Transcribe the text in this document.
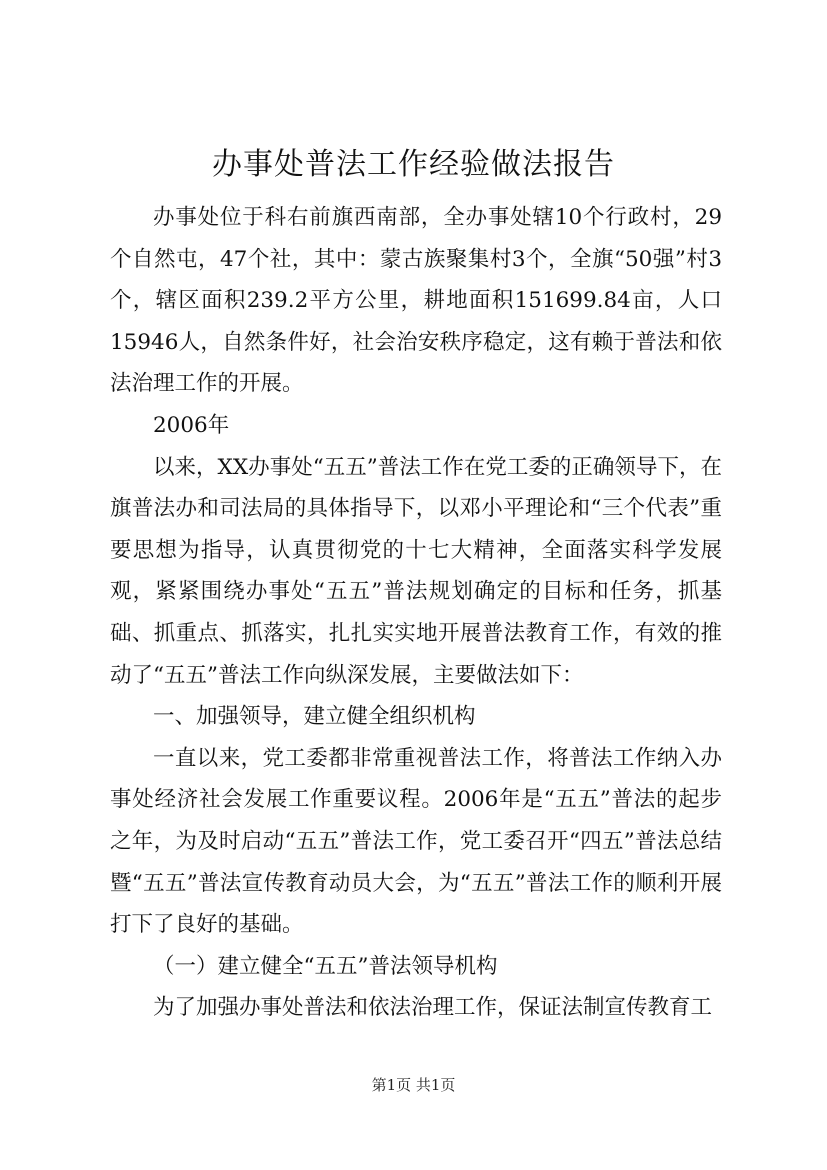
办事处普法工作经验做法报告

办事处位于科右前旗西南部，全办事处辖10个行政村，29个自然屯，47个社，其中：蒙古族聚集村3个，全旗“50强”村3个，辖区面积239.2平方公里，耕地面积151699.84亩，人口15946人，自然条件好，社会治安秩序稳定，这有赖于普法和依法治理工作的开展。

2006年

以来，XX办事处“五五”普法工作在党工委的正确领导下，在旗普法办和司法局的具体指导下，以邓小平理论和“三个代表”重要思想为指导，认真贯彻党的十七大精神，全面落实科学发展观，紧紧围绕办事处“五五”普法规划确定的目标和任务，抓基础、抓重点、抓落实，扎扎实实地开展普法教育工作，有效的推动了“五五”普法工作向纵深发展，主要做法如下：

一、加强领导，建立健全组织机构

一直以来，党工委都非常重视普法工作，将普法工作纳入办事处经济社会发展工作重要议程。2006年是“五五”普法的起步之年，为及时启动“五五”普法工作，党工委召开“四五”普法总结暨“五五”普法宣传教育动员大会，为“五五”普法工作的顺利开展打下了良好的基础。

（一）建立健全“五五”普法领导机构

为了加强办事处普法和依法治理工作，保证法制宣传教育工

第1页 共1页
